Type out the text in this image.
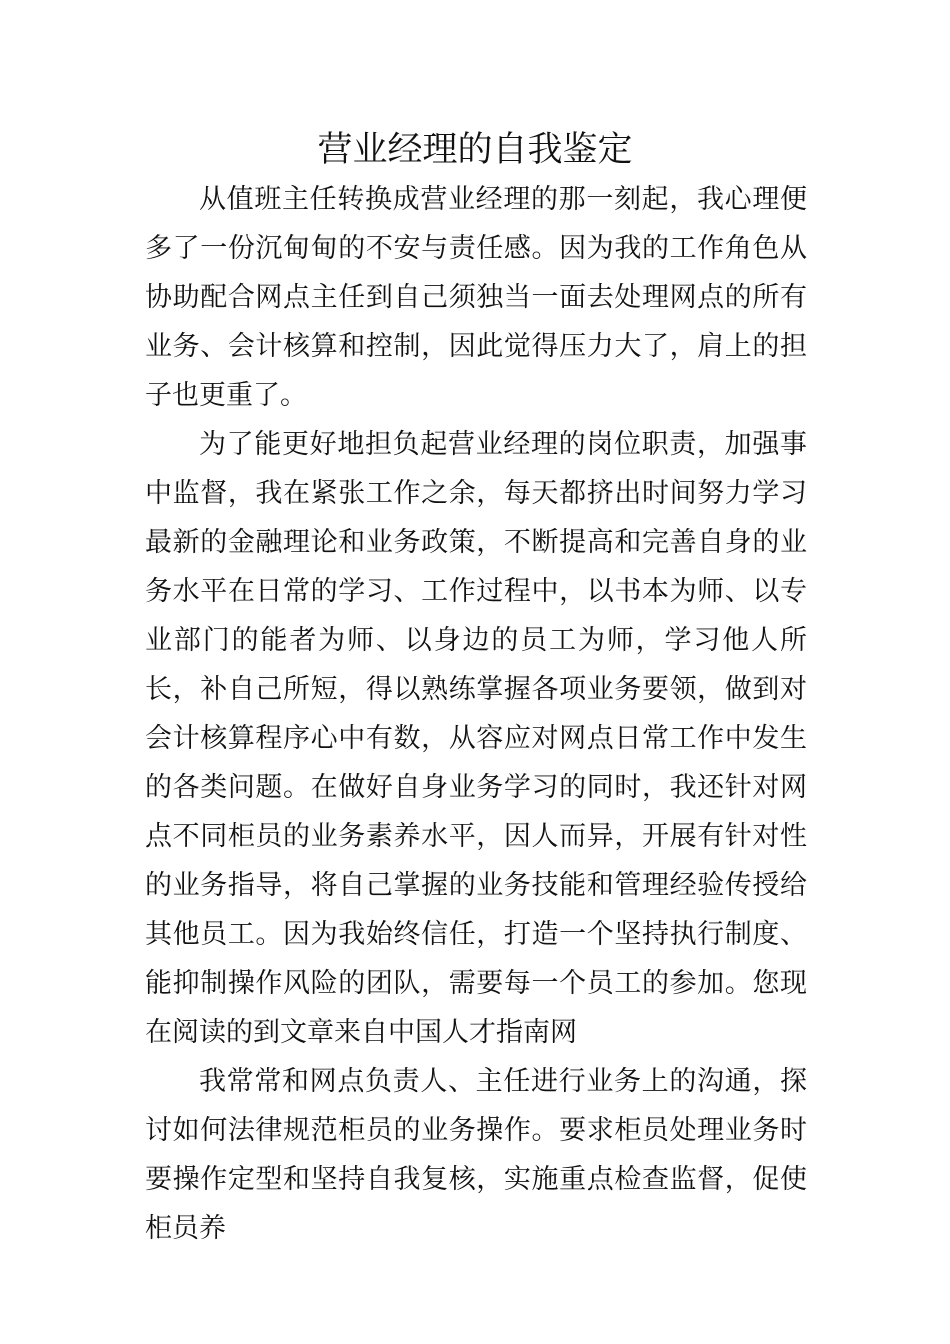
营业经理的自我鉴定

从值班主任转换成营业经理的那一刻起，我心理便多了一份沉甸甸的不安与责任感。因为我的工作角色从协助配合网点主任到自己须独当一面去处理网点的所有业务、会计核算和控制，因此觉得压力大了，肩上的担子也更重了。

为了能更好地担负起营业经理的岗位职责，加强事中监督，我在紧张工作之余，每天都挤出时间努力学习最新的金融理论和业务政策，不断提高和完善自身的业务水平在日常的学习、工作过程中，以书本为师、以专业部门的能者为师、以身边的员工为师，学习他人所长，补自己所短，得以熟练掌握各项业务要领，做到对会计核算程序心中有数，从容应对网点日常工作中发生的各类问题。在做好自身业务学习的同时，我还针对网点不同柜员的业务素养水平，因人而异，开展有针对性的业务指导，将自己掌握的业务技能和管理经验传授给其他员工。因为我始终信任，打造一个坚持执行制度、能抑制操作风险的团队，需要每一个员工的参加。您现在阅读的到文章来自中国人才指南网

我常常和网点负责人、主任进行业务上的沟通，探讨如何法律规范柜员的业务操作。要求柜员处理业务时要操作定型和坚持自我复核，实施重点检查监督，促使柜员养
